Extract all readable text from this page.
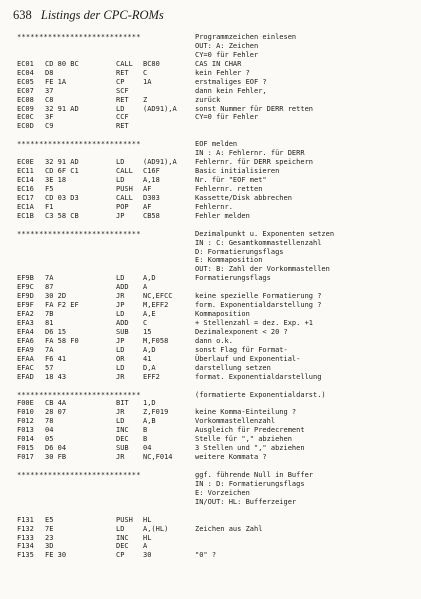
638 Listings der CPC-ROMs
****************************	Programmzeichen einlesen
OUT: A: Zeichen
CY=0 für Fehler
EC01 CD 80 BC	CALL BC80	CAS IN CHAR
EC04 D8	RET C	kein Fehler ?
EC05 FE 1A	CP	1A	erstmaliges EOF ?
EC07 37	SCF	dann kein Fehler,
EC08 C8	RET Z	zurück
EC09 32 91 AD	LD	(AD91),A	sonst Nummer für DERR retten
EC0C 3F	CCF	CY=0 für Fehler
EC0D C9	RET
****************************	EOF melden
IN : A: Fehlernr. für DERR
EC0E 32 91 AD	LD	(AD91),A	Fehlernr. für DERR speichern
EC11 CD 6F C1	CALL C16F	Basic initialisieren
EC14 3E 18	LD	A,18	Nr. für "EOF met"
EC16 F5	PUSH AF	Fehlernr. retten
EC17 CD 03 D3	CALL D303	Kassette/Disk abbrechen
EC1A F1	POP AF	Fehlernr.
EC1B C3 58 CB	JP	CB58	Fehler melden
****************************	Dezimalpunkt u. Exponenten setzen
IN : C: Gesamtkommastellenzahl
D: Formatierungsflags
E: Kommaposition
OUT: B: Zahl der Vorkommastellen
EF9B 7A	LD	A,D	Formatierungsflags
EF9C 87	ADD A
EF9D 30 2D	JR	NC,EFCC	keine spezielle Formatierung ?
EF9F FA F2 EF	JP	M,EFF2	form. Exponentialdarstellung ?
EFA2 7B	LD	A,E	Kommaposition
EFA3 81	ADD C	+ Stellenzahl = dez. Exp. +1
EFA4 D6 15	SUB 15	Dezimalexponent < 20 ?
EFA6 FA 58 F0	JP	M,F058	dann o.k.
EFA9 7A	LD	A,D	sonst Flag für Format-
EFAA F6 41	OR	41	Überlauf und Exponential-
EFAC 57	LD	D,A	darstellung setzen
EFAD 18 43	JR	EFF2	format. Exponentialdarstellung
****************************	(formatierte Exponentialdarst.)
F00E CB 4A	BIT 1,D
F010 28 07	JR	Z,F019	keine Komma-Einteilung ?
F012 78	LD	A,B	Vorkommastellenzahl
F013 04	INC B	Ausgleich für Predecrement
F014 05	DEC B	Stelle für "," abziehen
F015 D6 04	SUB 04	3 Stellen und "," abziehen
F017 30 FB	JR	NC,F014	weitere Kommata ?
****************************	ggf. führende Null in Buffer
IN : D: Formatierungsflags
E: Vorzeichen
IN/OUT: HL: Bufferzeiger
F131 E5	PUSH HL
F132 7E	LD	A,(HL)	Zeichen aus Zahl
F133 23	INC HL
F134 3D	DEC A
F135 FE 30	CP	30	"0" ?
